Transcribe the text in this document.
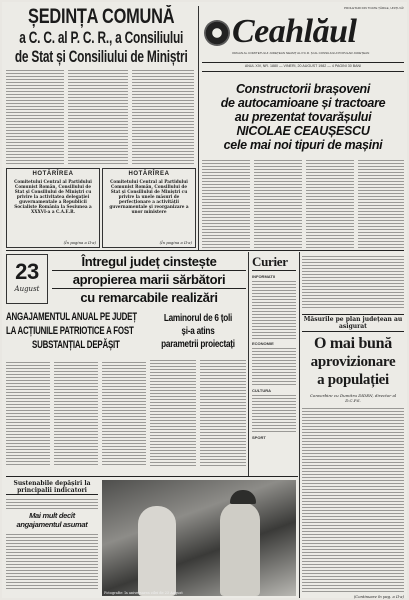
ȘEDINȚA COMUNĂ
a C. C. al P. C. R., a Consiliului
de Stat și Consiliului de Miniștri
HOTĂRÎREA
Comitetului Central al Partidului Comunist Român, Consiliului de Stat și Consiliului de Miniștri cu privire la activitatea delegației guvernamentale a Republicii Socialiste România la Sesiunea a XXXVI-a a C.A.E.R.
(În pagina a II-a)
HOTĂRÎREA
Comitetului Central al Partidului Comunist Român, Consiliului de Stat și Consiliului de Miniștri cu privire la unele măsuri de perfecționare a activității guvernamentale și reorganizare a unor ministere
(În pagina a II-a)
PROLETARI DIN TOATE ȚĂRILE, UNIȚI-VĂ!
Ceahlăul
ORGAN AL COMITETULUI JUDEȚEAN NEAMȚ AL P.C.R. ȘI AL CONSILIULUI POPULAR JUDEȚEAN
ANUL XIV, NR. 1880 — VINERI, 20 AUGUST 1982 — 4 PAGINI 30 BANI
Constructorii brașoveni
de autocamioane și tractoare
au prezentat tovarășului
NICOLAE CEAUȘESCU
cele mai noi tipuri de mașini
23
August
Întregul județ cinstește
apropierea marii sărbători
cu remarcabile realizări
Curier
INFORMATII
ECONOMIE
CULTURA
SPORT
Măsurile pe plan județean au asigurat
O mai bună
aprovizionare
a populației
Convorbire cu Dumitru DIDEN, director al D.C.P.S.
(Continuare în pag. a II-a)
ANGAJAMENTUL ANUAL PE JUDEȚ
LA ACȚIUNILE PATRIOTICE A FOST
SUBSTANȚIAL DEPĂȘIT
Laminorul de 6 țoli
și-a atins
parametrii proiectați
Sustenabile depășiri la principalii indicatori
Mai mult decît angajamentul asumat
Fotografie: la aniversarea zilei de 23 August
